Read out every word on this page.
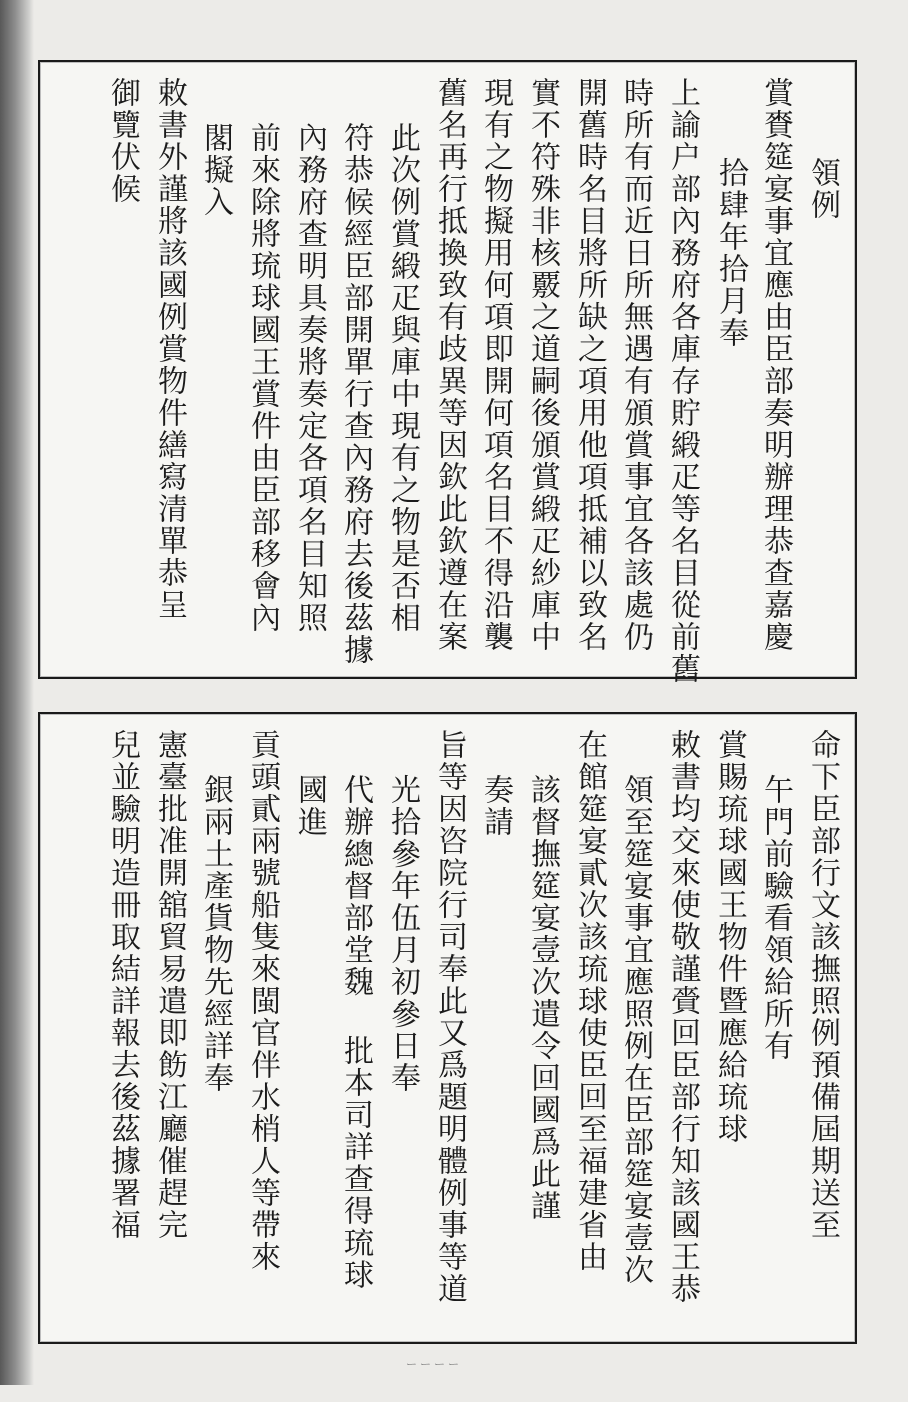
領例
賞賚筵宴事宜應由臣部奏明辦理恭查嘉慶
拾肆年拾月奉
上諭户部內務府各庫存貯緞疋等名目從前舊
時所有而近日所無遇有頒賞事宜各該處仍
開舊時名目將所缺之項用他項抵補以致名
實不符殊非核覈之道嗣後頒賞緞疋紗庫中
現有之物擬用何項即開何項名目不得沿襲
舊名再行抵換致有歧異等因欽此欽遵在案
此次例賞緞疋與庫中現有之物是否相
符恭候經臣部開單行查內務府去後茲據
內務府查明具奏將奏定各項名目知照
前來除將琉球國王賞件由臣部移會內
閣擬入
敕書外謹將該國例賞物件繕寫清單恭呈
御覽伏候
命下臣部行文該撫照例預備屆期送至
午門前驗看領給所有
賞賜琉球國王物件暨應給琉球
敕書均交來使敬謹賫回臣部行知該國王恭
領至筵宴事宜應照例在臣部筵宴壹次
在館筵宴貳次該琉球使臣回至福建省由
該督撫筵宴壹次遣令回國爲此謹
奏請
旨等因咨院行司奉此又爲題明體例事等道
光拾參年伍月初參日奉
代辦總督部堂魏 批本司詳查得琉球
國進
貢頭貳兩號船隻來閩官伴水梢人等帶來
銀兩土產貨物先經詳奉
憲臺批准開舘貿易遣即飭江廳催趕完
兒並驗明造冊取結詳報去後茲據署福
ーーーー
